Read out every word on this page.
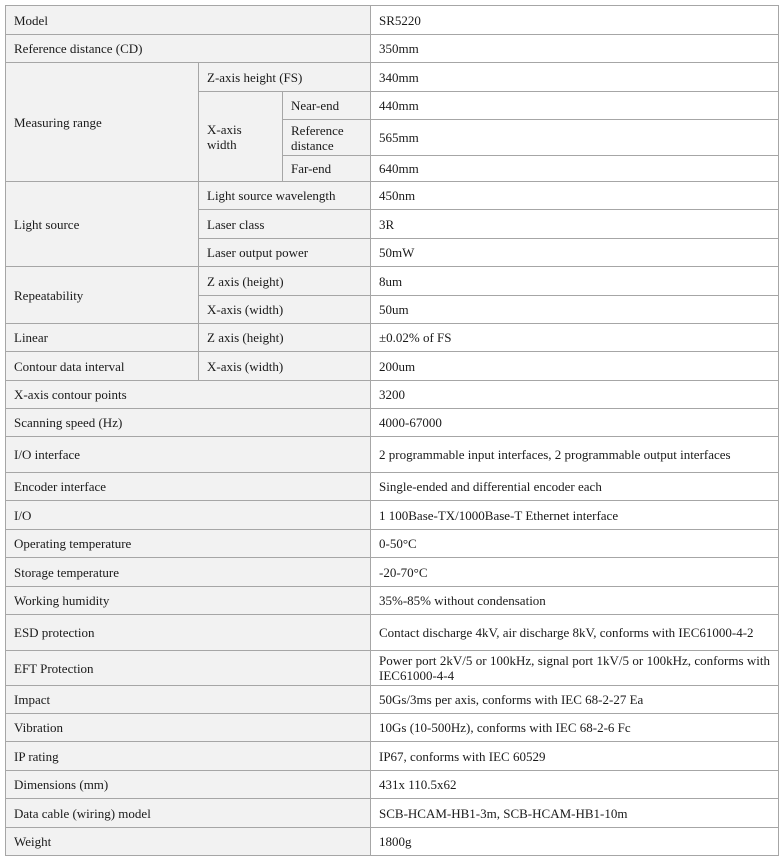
Model			SR5220
Reference distance (CD)			350mm
Measuring range	Z-axis height (FS)		340mm
	X-axis width	Near-end	440mm
		Reference distance	565mm
		Far-end	640mm
Light source	Light source wavelength		450nm
	Laser class		3R
	Laser output power		50mW
Repeatability	Z axis (height)		8um
	X-axis (width)		50um
Linear	Z axis (height)		±0.02% of FS
Contour data interval	X-axis (width)		200um
X-axis contour points			3200
Scanning speed (Hz)			4000-67000
I/O interface			2 programmable input interfaces, 2 programmable output interfaces
Encoder interface			Single-ended and differential encoder each
I/O			1 100Base-TX/1000Base-T Ethernet interface
Operating temperature			0-50°C
Storage temperature			-20-70°C
Working humidity			35%-85% without condensation
ESD protection			Contact discharge 4kV, air discharge 8kV, conforms with IEC61000-4-2
EFT Protection			Power port 2kV/5 or 100kHz, signal port 1kV/5 or 100kHz, conforms with IEC61000-4-4
Impact			50Gs/3ms per axis, conforms with IEC 68-2-27 Ea
Vibration			10Gs (10-500Hz), conforms with IEC 68-2-6 Fc
IP rating			IP67, conforms with IEC 60529
Dimensions (mm)			431x 110.5x62
Data cable (wiring) model			SCB-HCAM-HB1-3m, SCB-HCAM-HB1-10m
Weight			1800g
